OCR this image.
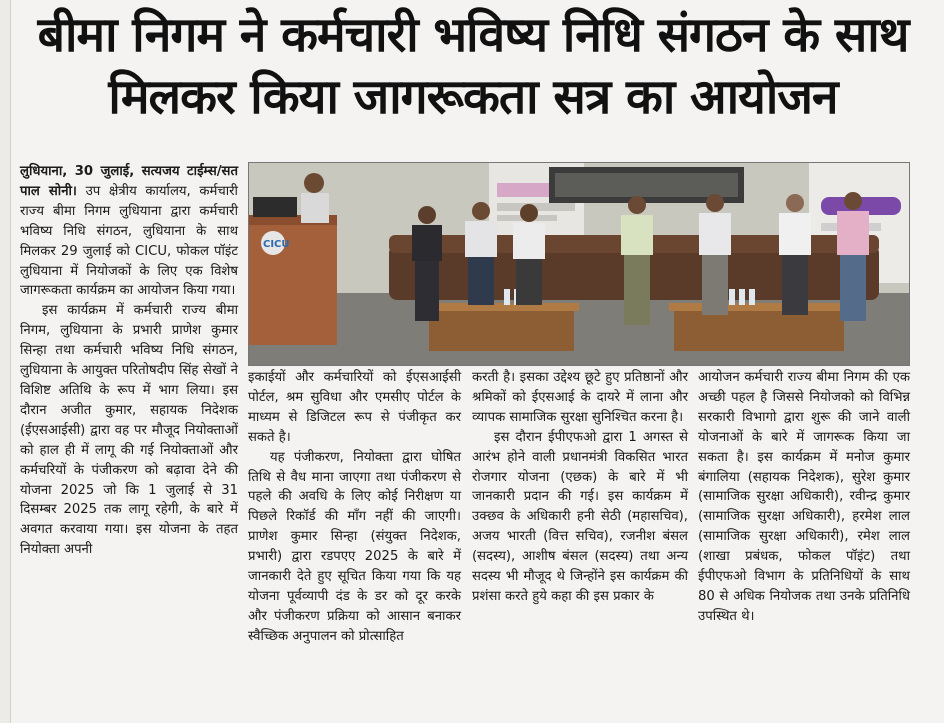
बीमा निगम ने कर्मचारी भविष्य निधि संगठन के साथ
मिलकर किया जागरूकता सत्र का आयोजन
CICU

लुधियाना, 30 जुलाई, सत्यजय टाईम्स/सत पाल सोनी। उप क्षेत्रीय कार्यालय, कर्मचारी राज्य बीमा निगम लुधियाना द्वारा कर्मचारी भविष्य निधि संगठन, लुधियाना के साथ मिलकर 29 जुलाई को CICU, फोकल पॉइंट लुधियाना में नियोजकों के लिए एक विशेष जागरूकता कार्यक्रम का आयोजन किया गया।

इस कार्यक्रम में कर्मचारी राज्य बीमा निगम, लुधियाना के प्रभारी प्राणेश कुमार सिन्हा तथा कर्मचारी भविष्य निधि संगठन, लुधियाना के आयुक्त परितोषदीप सिंह सेखों ने विशिष्ट अतिथि के रूप में भाग लिया। इस दौरान अजीत कुमार, सहायक निदेशक (ईएसआईसी) द्वारा वह पर मौजूद नियोक्ताओं को हाल ही में लागू की गई नियोक्ताओं और कर्मचरियों के पंजीकरण को बढ़ावा देने की योजना 2025 जो कि 1 जुलाई से 31 दिसम्बर 2025 तक लागू रहेगी, के बारे में अवगत करवाया गया। इस योजना के तहत नियोक्ता अपनी

इकाईयों और कर्मचारियों को ईएसआईसी पोर्टल, श्रम सुविधा और एमसीए पोर्टल के माध्यम से डिजिटल रूप से पंजीकृत कर सकते है।

यह पंजीकरण, नियोक्ता द्वारा घोषित तिथि से वैध माना जाएगा तथा पंजीकरण से पहले की अवधि के लिए कोई निरीक्षण या पिछले रिकॉर्ड की माँग नहीं की जाएगी। प्राणेश कुमार सिन्हा (संयुक्त निदेशक, प्रभारी) द्वारा रडपएए 2025 के बारे में जानकारी देते हुए सूचित किया गया कि यह योजना पूर्वव्यापी दंड के डर को दूर करके और पंजीकरण प्रक्रिया को आसान बनाकर स्वैच्छिक अनुपालन को प्रोत्साहित

करती है। इसका उद्देश्य छूटे हुए प्रतिष्ठानों और श्रमिकों को ईएसआई के दायरे में लाना और व्यापक सामाजिक सुरक्षा सुनिश्चित करना है।

इस दौरान ईपीएफओ द्वारा 1 अगस्त से आरंभ होने वाली प्रधानमंत्री विकसित भारत रोजगार योजना (एछक) के बारे में भी जानकारी प्रदान की गई। इस कार्यक्रम में उक्छव के अधिकारी हनी सेठी (महासचिव), अजय भारती (वित्त सचिव), रजनीश बंसल (सदस्य), आशीष बंसल (सदस्य) तथा अन्य सदस्य भी मौजूद थे जिन्होंने इस कार्यक्रम की प्रशंसा करते हुये कहा की इस प्रकार के

आयोजन कर्मचारी राज्य बीमा निगम की एक अच्छी पहल है जिससे नियोजको को विभिन्न सरकारी विभागो द्वारा शुरू की जाने वाली योजनाओं के बारे में जागरूक किया जा सकता है। इस कार्यक्रम में मनोज कुमार बंगालिया (सहायक निदेशक), सुरेश कुमार (सामाजिक सुरक्षा अधिकारी), रवीन्द्र कुमार (सामाजिक सुरक्षा अधिकारी), हरमेश लाल (सामाजिक सुरक्षा अधिकारी), रमेश लाल (शाखा प्रबंधक, फोकल पॉइंट) तथा ईपीएफओ विभाग के प्रतिनिधियों के साथ 80 से अधिक नियोजक तथा उनके प्रतिनिधि उपस्थित थे।
